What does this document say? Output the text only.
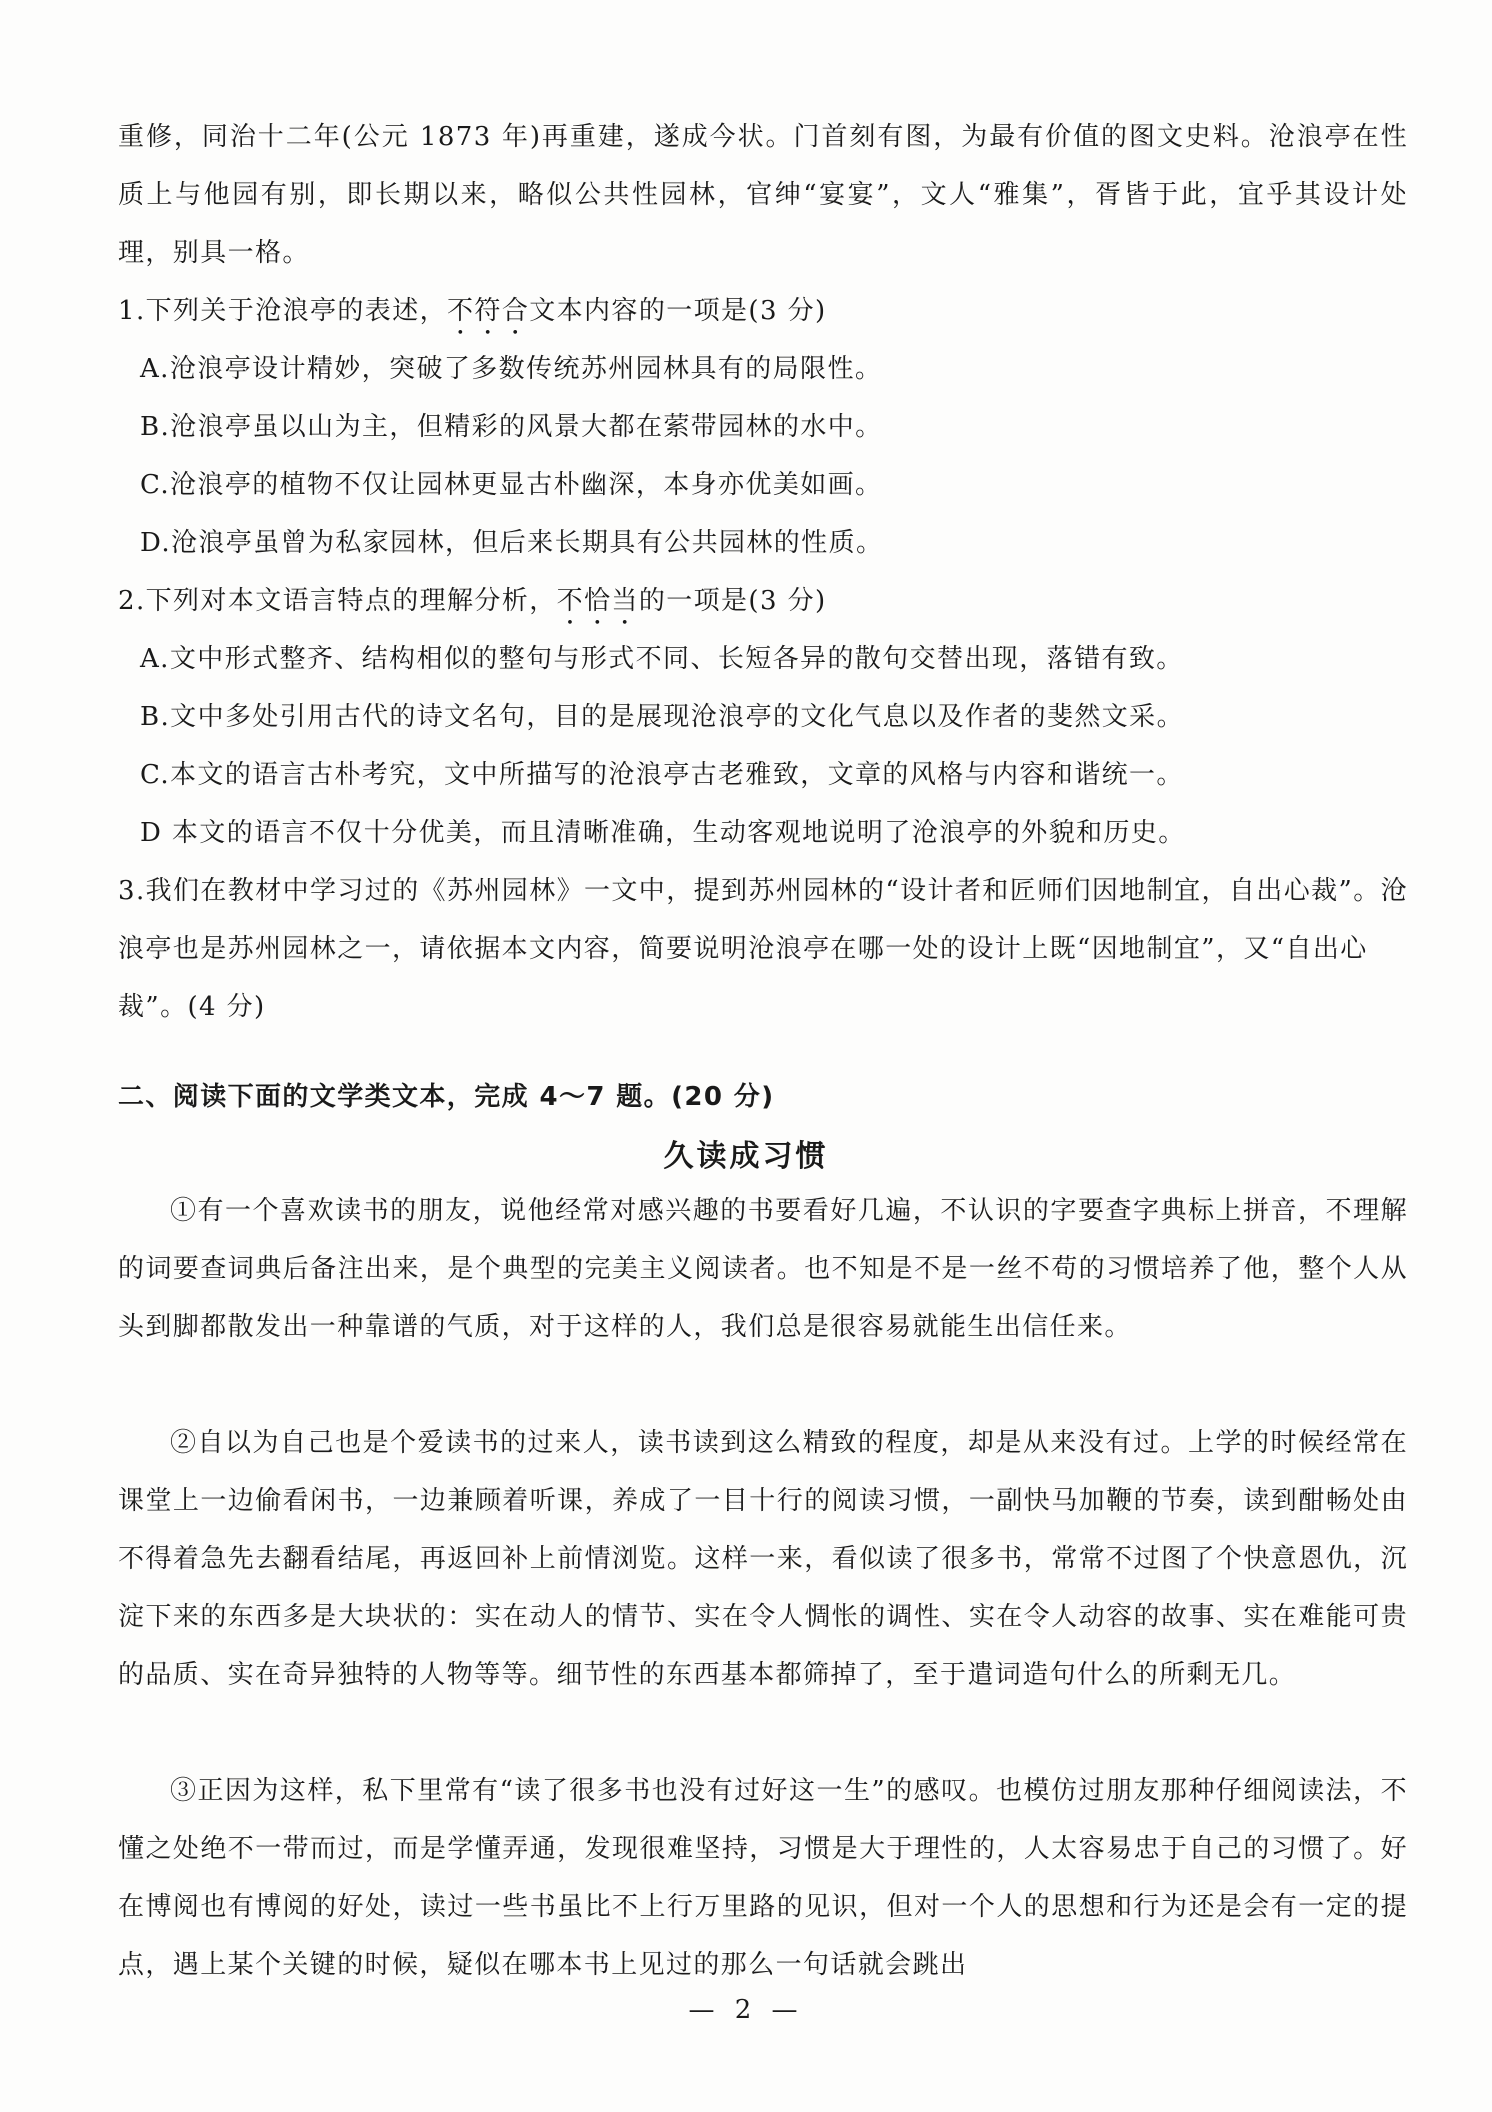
重修，同治十二年(公元 1873 年)再重建，遂成今状。门首刻有图，为最有价值的图文史料。沧浪亭在性质上与他园有别，即长期以来，略似公共性园林，官绅“宴宴”，文人“雅集”，胥皆于此，宜乎其设计处理，别具一格。

1.下列关于沧浪亭的表述，不符合文本内容的一项是(3 分)

A.沧浪亭设计精妙，突破了多数传统苏州园林具有的局限性。

B.沧浪亭虽以山为主，但精彩的风景大都在萦带园林的水中。

C.沧浪亭的植物不仅让园林更显古朴幽深，本身亦优美如画。

D.沧浪亭虽曾为私家园林，但后来长期具有公共园林的性质。

2.下列对本文语言特点的理解分析，不恰当的一项是(3 分)

A.文中形式整齐、结构相似的整句与形式不同、长短各异的散句交替出现，落错有致。

B.文中多处引用古代的诗文名句，目的是展现沧浪亭的文化气息以及作者的斐然文采。

C.本文的语言古朴考究，文中所描写的沧浪亭古老雅致，文章的风格与内容和谐统一。

D 本文的语言不仅十分优美，而且清晰准确，生动客观地说明了沧浪亭的外貌和历史。

3.我们在教材中学习过的《苏州园林》一文中，提到苏州园林的“设计者和匠师们因地制宜，自出心裁”。沧浪亭也是苏州园林之一，请依据本文内容，简要说明沧浪亭在哪一处的设计上既“因地制宜”，又“自出心裁”。(4 分)

二、阅读下面的文学类文本，完成 4～7 题。(20 分)

久读成习惯

①有一个喜欢读书的朋友，说他经常对感兴趣的书要看好几遍，不认识的字要查字典标上拼音，不理解的词要查词典后备注出来，是个典型的完美主义阅读者。也不知是不是一丝不苟的习惯培养了他，整个人从头到脚都散发出一种靠谱的气质，对于这样的人，我们总是很容易就能生出信任来。

②自以为自己也是个爱读书的过来人，读书读到这么精致的程度，却是从来没有过。上学的时候经常在课堂上一边偷看闲书，一边兼顾着听课，养成了一目十行的阅读习惯，一副快马加鞭的节奏，读到酣畅处由不得着急先去翻看结尾，再返回补上前情浏览。这样一来，看似读了很多书，常常不过图了个快意恩仇，沉淀下来的东西多是大块状的：实在动人的情节、实在令人惆怅的调性、实在令人动容的故事、实在难能可贵的品质、实在奇异独特的人物等等。细节性的东西基本都筛掉了，至于遣词造句什么的所剩无几。

③正因为这样，私下里常有“读了很多书也没有过好这一生”的感叹。也模仿过朋友那种仔细阅读法，不懂之处绝不一带而过，而是学懂弄通，发现很难坚持，习惯是大于理性的，人太容易忠于自己的习惯了。好在博阅也有博阅的好处，读过一些书虽比不上行万里路的见识，但对一个人的思想和行为还是会有一定的提点，遇上某个关键的时候，疑似在哪本书上见过的那么一句话就会跳出

— 2 —
